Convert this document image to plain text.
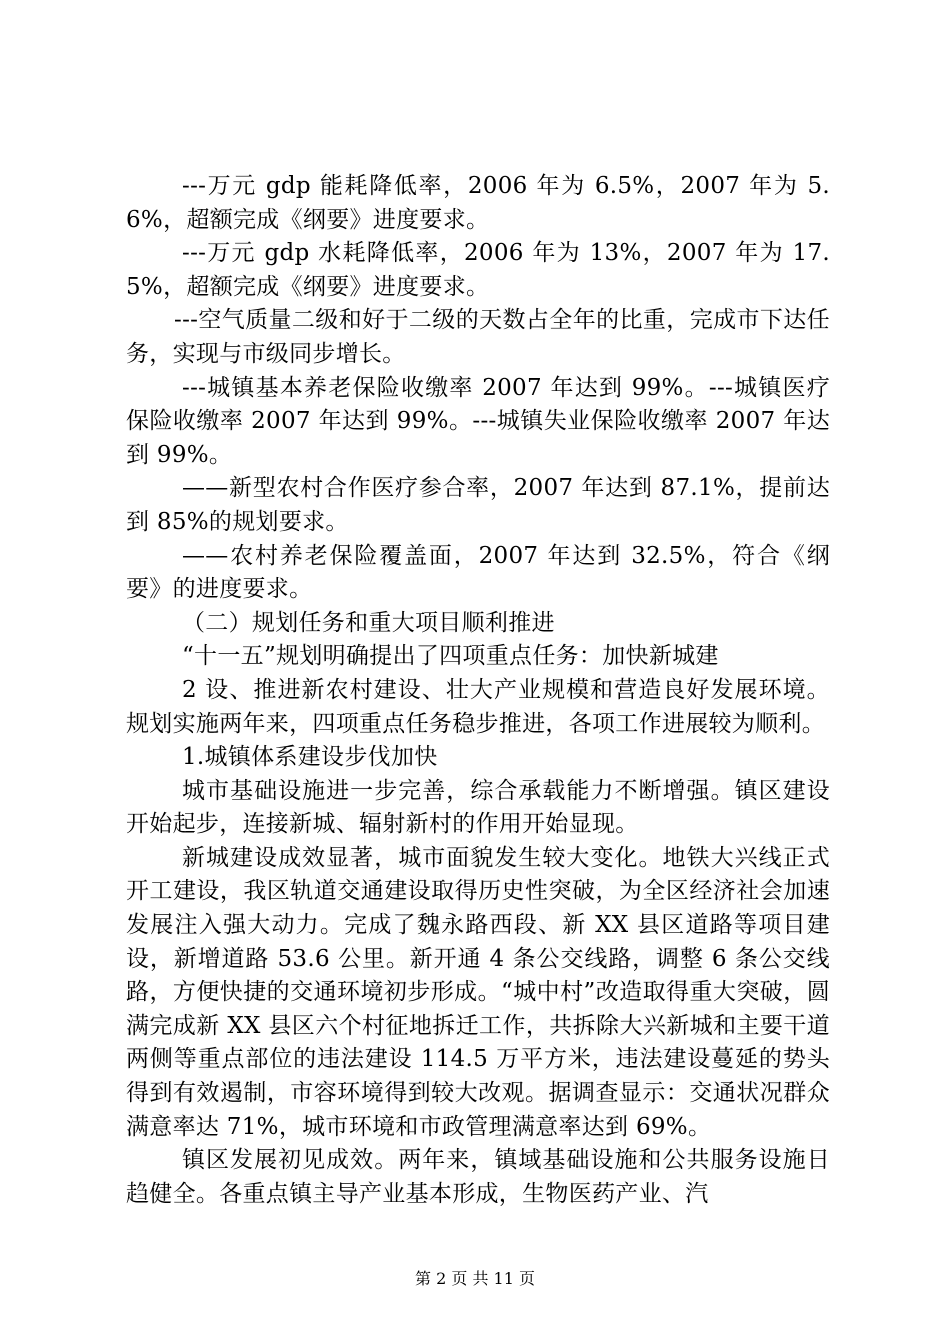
---万元 gdp 能耗降低率，2006 年为 6.5%，2007 年为 5.6%，超额完成《纲要》进度要求。

---万元 gdp 水耗降低率，2006 年为 13%，2007 年为 17.5%，超额完成《纲要》进度要求。

---空气质量二级和好于二级的天数占全年的比重，完成市下达任务，实现与市级同步增长。

---城镇基本养老保险收缴率 2007 年达到 99%。---城镇医疗保险收缴率 2007 年达到 99%。---城镇失业保险收缴率 2007 年达到 99%。

——新型农村合作医疗参合率，2007 年达到 87.1%，提前达到 85%的规划要求。

——农村养老保险覆盖面，2007 年达到 32.5%，符合《纲要》的进度要求。

（二）规划任务和重大项目顺利推进

“十一五”规划明确提出了四项重点任务：加快新城建

2 设、推进新农村建设、壮大产业规模和营造良好发展环境。规划实施两年来，四项重点任务稳步推进，各项工作进展较为顺利。

1.城镇体系建设步伐加快

城市基础设施进一步完善，综合承载能力不断增强。镇区建设开始起步，连接新城、辐射新村的作用开始显现。

新城建设成效显著，城市面貌发生较大变化。地铁大兴线正式开工建设，我区轨道交通建设取得历史性突破，为全区经济社会加速发展注入强大动力。完成了魏永路西段、新 XX 县区道路等项目建设，新增道路 53.6 公里。新开通 4 条公交线路，调整 6 条公交线路，方便快捷的交通环境初步形成。“城中村”改造取得重大突破，圆满完成新 XX 县区六个村征地拆迁工作，共拆除大兴新城和主要干道两侧等重点部位的违法建设 114.5 万平方米，违法建设蔓延的势头得到有效遏制，市容环境得到较大改观。据调查显示：交通状况群众满意率达 71%，城市环境和市政管理满意率达到 69%。

镇区发展初见成效。两年来，镇域基础设施和公共服务设施日趋健全。各重点镇主导产业基本形成，生物医药产业、汽

第 2 页 共 11 页
